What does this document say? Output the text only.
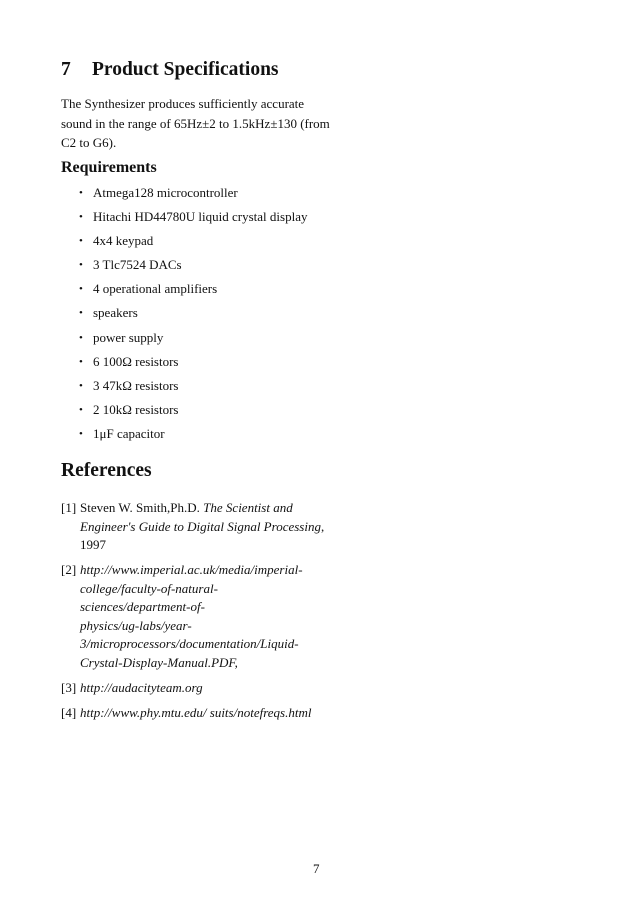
7 Product Specifications

The Synthesizer produces sufficiently accurate sound in the range of 65Hz±2 to 1.5kHz±130 (from C2 to G6).

Requirements
• Atmega128 microcontroller
• Hitachi HD44780U liquid crystal display
• 4x4 keypad
• 3 Tlc7524 DACs
• 4 operational amplifiers
• speakers
• power supply
• 6 100Ω resistors
• 3 47kΩ resistors
• 2 10kΩ resistors
• 1μF capacitor
References
[1] Steven W. Smith,Ph.D. The Scientist and Engineer's Guide to Digital Signal Processing, 1997
[2] http://www.imperial.ac.uk/media/imperial-
college/faculty-of-natural-
sciences/department-of-
physics/ug-labs/year-
3/microprocessors/documentation/Liquid-
Crystal-Display-Manual.PDF,
[3] http://audacityteam.org
[4] http://www.phy.mtu.edu/ suits/notefreqs.html
7
